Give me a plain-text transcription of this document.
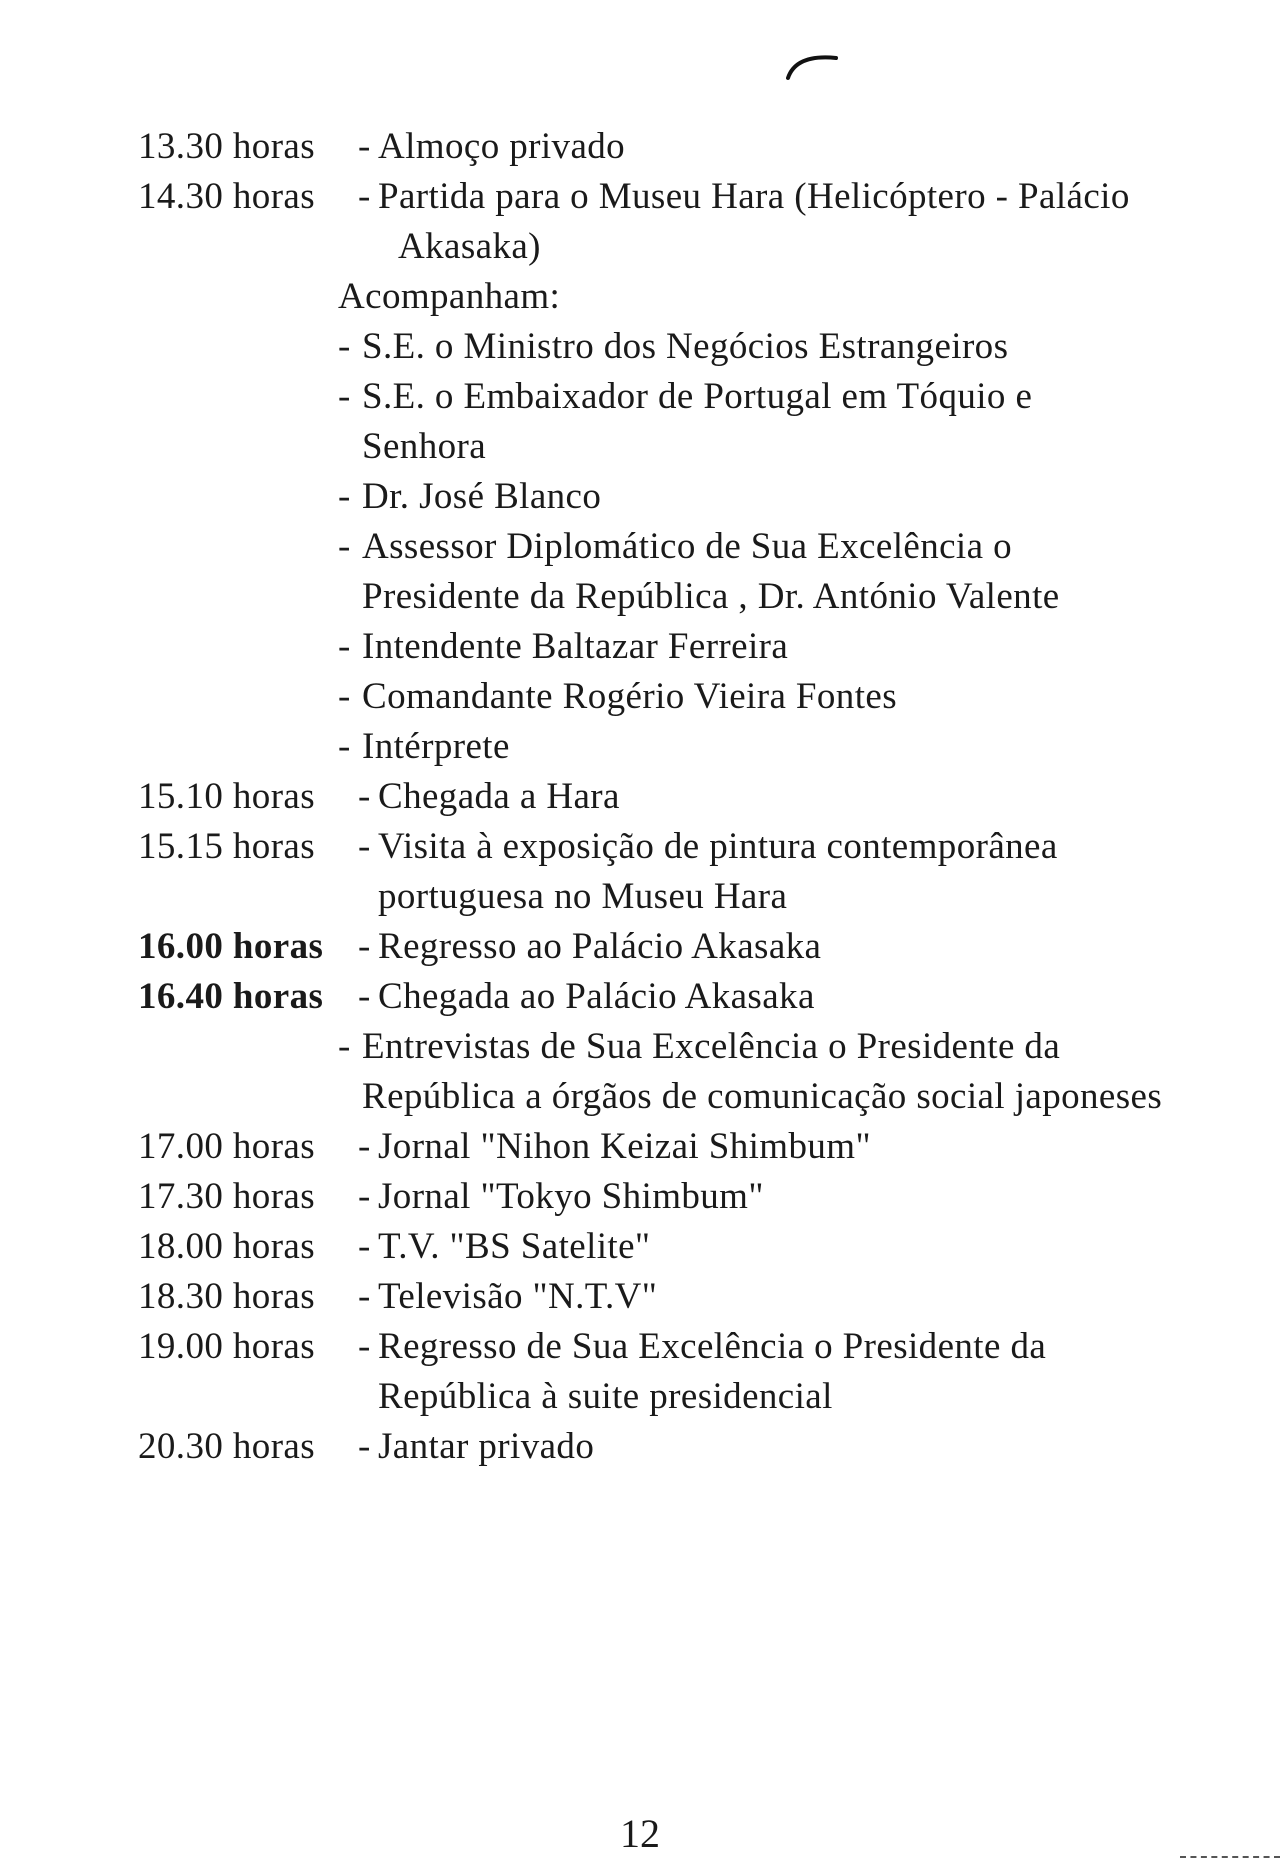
13.30 horas	- Almoço privado
14.30 horas	- Partida para o Museu Hara (Helicóptero - Palácio
Akasaka)
Acompanham:
- S.E. o Ministro dos Negócios Estrangeiros
- S.E. o Embaixador de Portugal em Tóquio e
Senhora
- Dr. José Blanco
- Assessor Diplomático de Sua Excelência o
Presidente da República , Dr. António Valente
- Intendente Baltazar Ferreira
- Comandante Rogério Vieira Fontes
- Intérprete
15.10 horas	- Chegada a Hara
15.15 horas	- Visita à exposição de pintura contemporânea
portuguesa no Museu Hara
16.00 horas - Regresso ao Palácio Akasaka
16.40 horas - Chegada ao Palácio Akasaka
- Entrevistas de Sua Excelência o Presidente da
República a órgãos de comunicação social japoneses
17.00 horas	- Jornal "Nihon Keizai Shimbum"
17.30 horas	- Jornal "Tokyo Shimbum"
18.00 horas	- T.V. "BS Satelite"
18.30 horas	- Televisão "N.T.V"
19.00 horas	- Regresso de Sua Excelência o Presidente da
República à suite presidencial
20.30 horas	- Jantar privado
12
